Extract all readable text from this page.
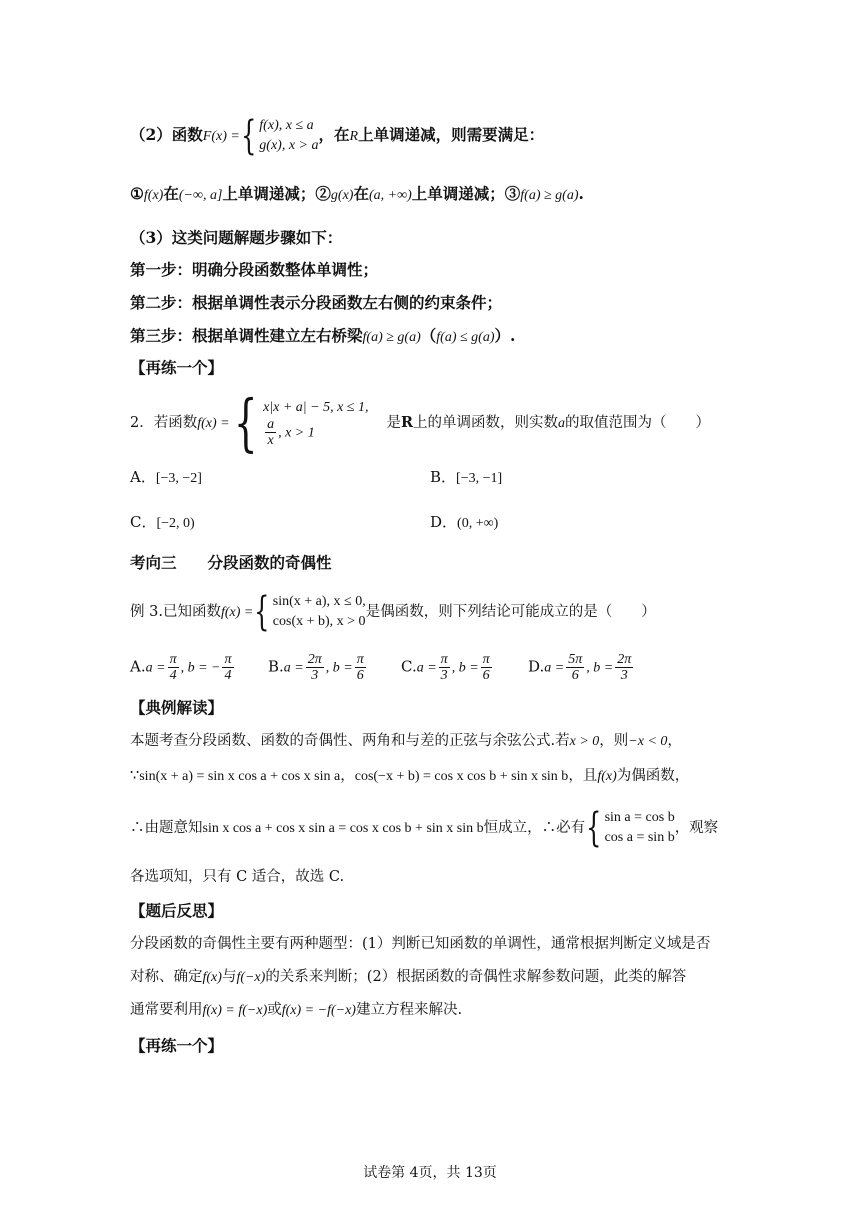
（2）函数F(x) ={ f(x), x ≤ a
g(x), x > a
，在R上单调递减，则需要满足：
①f(x)在(−∞, a]上单调递减；②g(x)在(a, +∞)上单调递减；③f(a) ≥ g(a).
（3）这类问题解题步骤如下：
第一步：明确分段函数整体单调性；
第二步：根据单调性表示分段函数左右侧的约束条件；
第三步：根据单调性建立左右桥梁f(a) ≥ g(a)（f(a) ≤ g(a)）.
【再练一个】
2．若函数f(x) ={ x|x + a| − 5, x ≤ 1,
$\frac{a}{x}$ , x > 1
是R上的单调函数，则实数a的取值范围为（　　）
A．[−3, −2]	B．[−3, −1]
C．[−2, 0)	D．(0, +∞)
考向三　　分段函数的奇偶性
例 3.已知函数f(x) ={ sin(x + a), x ≤ 0,
cos(x + b), x > 0
是偶函数，则下列结论可能成立的是（　　）
$A.a = \frac{\pi}{4}$ , b = − $\frac{\pi}{4} B.a = \frac{2\pi}{3}$ , $b = \frac{\pi}{6} C.a = \frac{\pi}{3}$ , $b = \frac{\pi}{6} D.a = \frac{5\pi}{6}$ , $b = \frac{2\pi}{3}$
【典例解读】
本题考查分段函数、函数的奇偶性、两角和与差的正弦与余弦公式.若x > 0，则−x < 0，
∵sin(x + a) = sin x cos a + cos x sin a，cos(−x + b) = cos x cos b + sin x sin b，且f(x)为偶函数，
∴由题意知sin x cos a + cos x sin a = cos x cos b + sin x sin b恒成立，∴必有{ sin a = cos b
cos a = sin b
，观察
各选项知，只有 C 适合，故选 C.
【题后反思】
分段函数的奇偶性主要有两种题型：(1）判断已知函数的单调性，通常根据判断定义域是否
对称、确定f(x)与f(−x)的关系来判断；(2）根据函数的奇偶性求解参数问题，此类的解答
通常要利用f(x) = f(−x)或f(x) = −f(−x)建立方程来解决.
【再练一个】
试卷第 4页，共 13页
